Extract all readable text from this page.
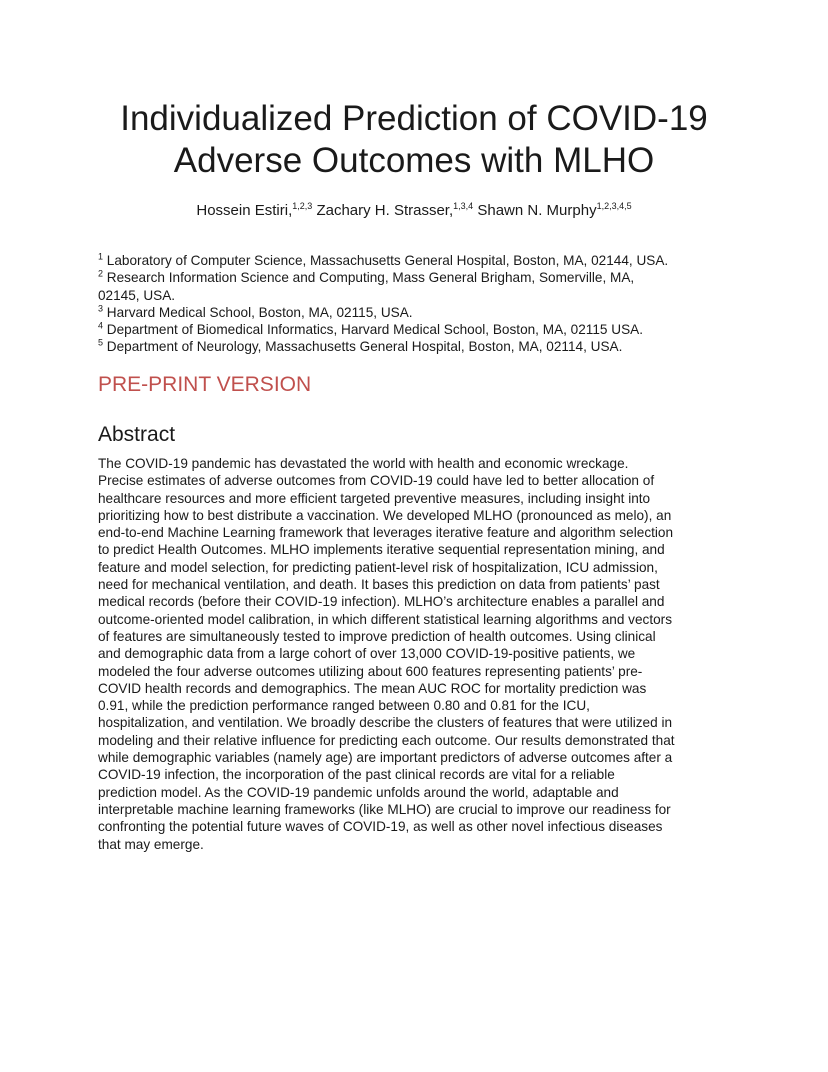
Individualized Prediction of COVID-19
Adverse Outcomes with MLHO

Hossein Estiri,$^{1,2,3}$ Zachary H. Strasser,$^{1,3,4}$ Shawn N. Murphy$^{1,2,3,4,5}$

$^1$ Laboratory of Computer Science, Massachusetts General Hospital, Boston, MA, 02144, USA.
$^2$ Research Information Science and Computing, Mass General Brigham, Somerville, MA,
02145, USA.
$^3$ Harvard Medical School, Boston, MA, 02115, USA.
$^4$ Department of Biomedical Informatics, Harvard Medical School, Boston, MA, 02115 USA.
$^5$ Department of Neurology, Massachusetts General Hospital, Boston, MA, 02114, USA.
PRE-PRINT VERSION
Abstract
The COVID-19 pandemic has devastated the world with health and economic wreckage.
Precise estimates of adverse outcomes from COVID-19 could have led to better allocation of
healthcare resources and more efficient targeted preventive measures, including insight into
prioritizing how to best distribute a vaccination. We developed MLHO (pronounced as melo), an
end-to-end Machine Learning framework that leverages iterative feature and algorithm selection
to predict Health Outcomes. MLHO implements iterative sequential representation mining, and
feature and model selection, for predicting patient-level risk of hospitalization, ICU admission,
need for mechanical ventilation, and death. It bases this prediction on data from patients’ past
medical records (before their COVID-19 infection). MLHO’s architecture enables a parallel and
outcome-oriented model calibration, in which different statistical learning algorithms and vectors
of features are simultaneously tested to improve prediction of health outcomes. Using clinical
and demographic data from a large cohort of over 13,000 COVID-19-positive patients, we
modeled the four adverse outcomes utilizing about 600 features representing patients’ pre-
COVID health records and demographics. The mean AUC ROC for mortality prediction was
0.91, while the prediction performance ranged between 0.80 and 0.81 for the ICU,
hospitalization, and ventilation. We broadly describe the clusters of features that were utilized in
modeling and their relative influence for predicting each outcome. Our results demonstrated that
while demographic variables (namely age) are important predictors of adverse outcomes after a
COVID-19 infection, the incorporation of the past clinical records are vital for a reliable
prediction model. As the COVID-19 pandemic unfolds around the world, adaptable and
interpretable machine learning frameworks (like MLHO) are crucial to improve our readiness for
confronting the potential future waves of COVID-19, as well as other novel infectious diseases
that may emerge.
